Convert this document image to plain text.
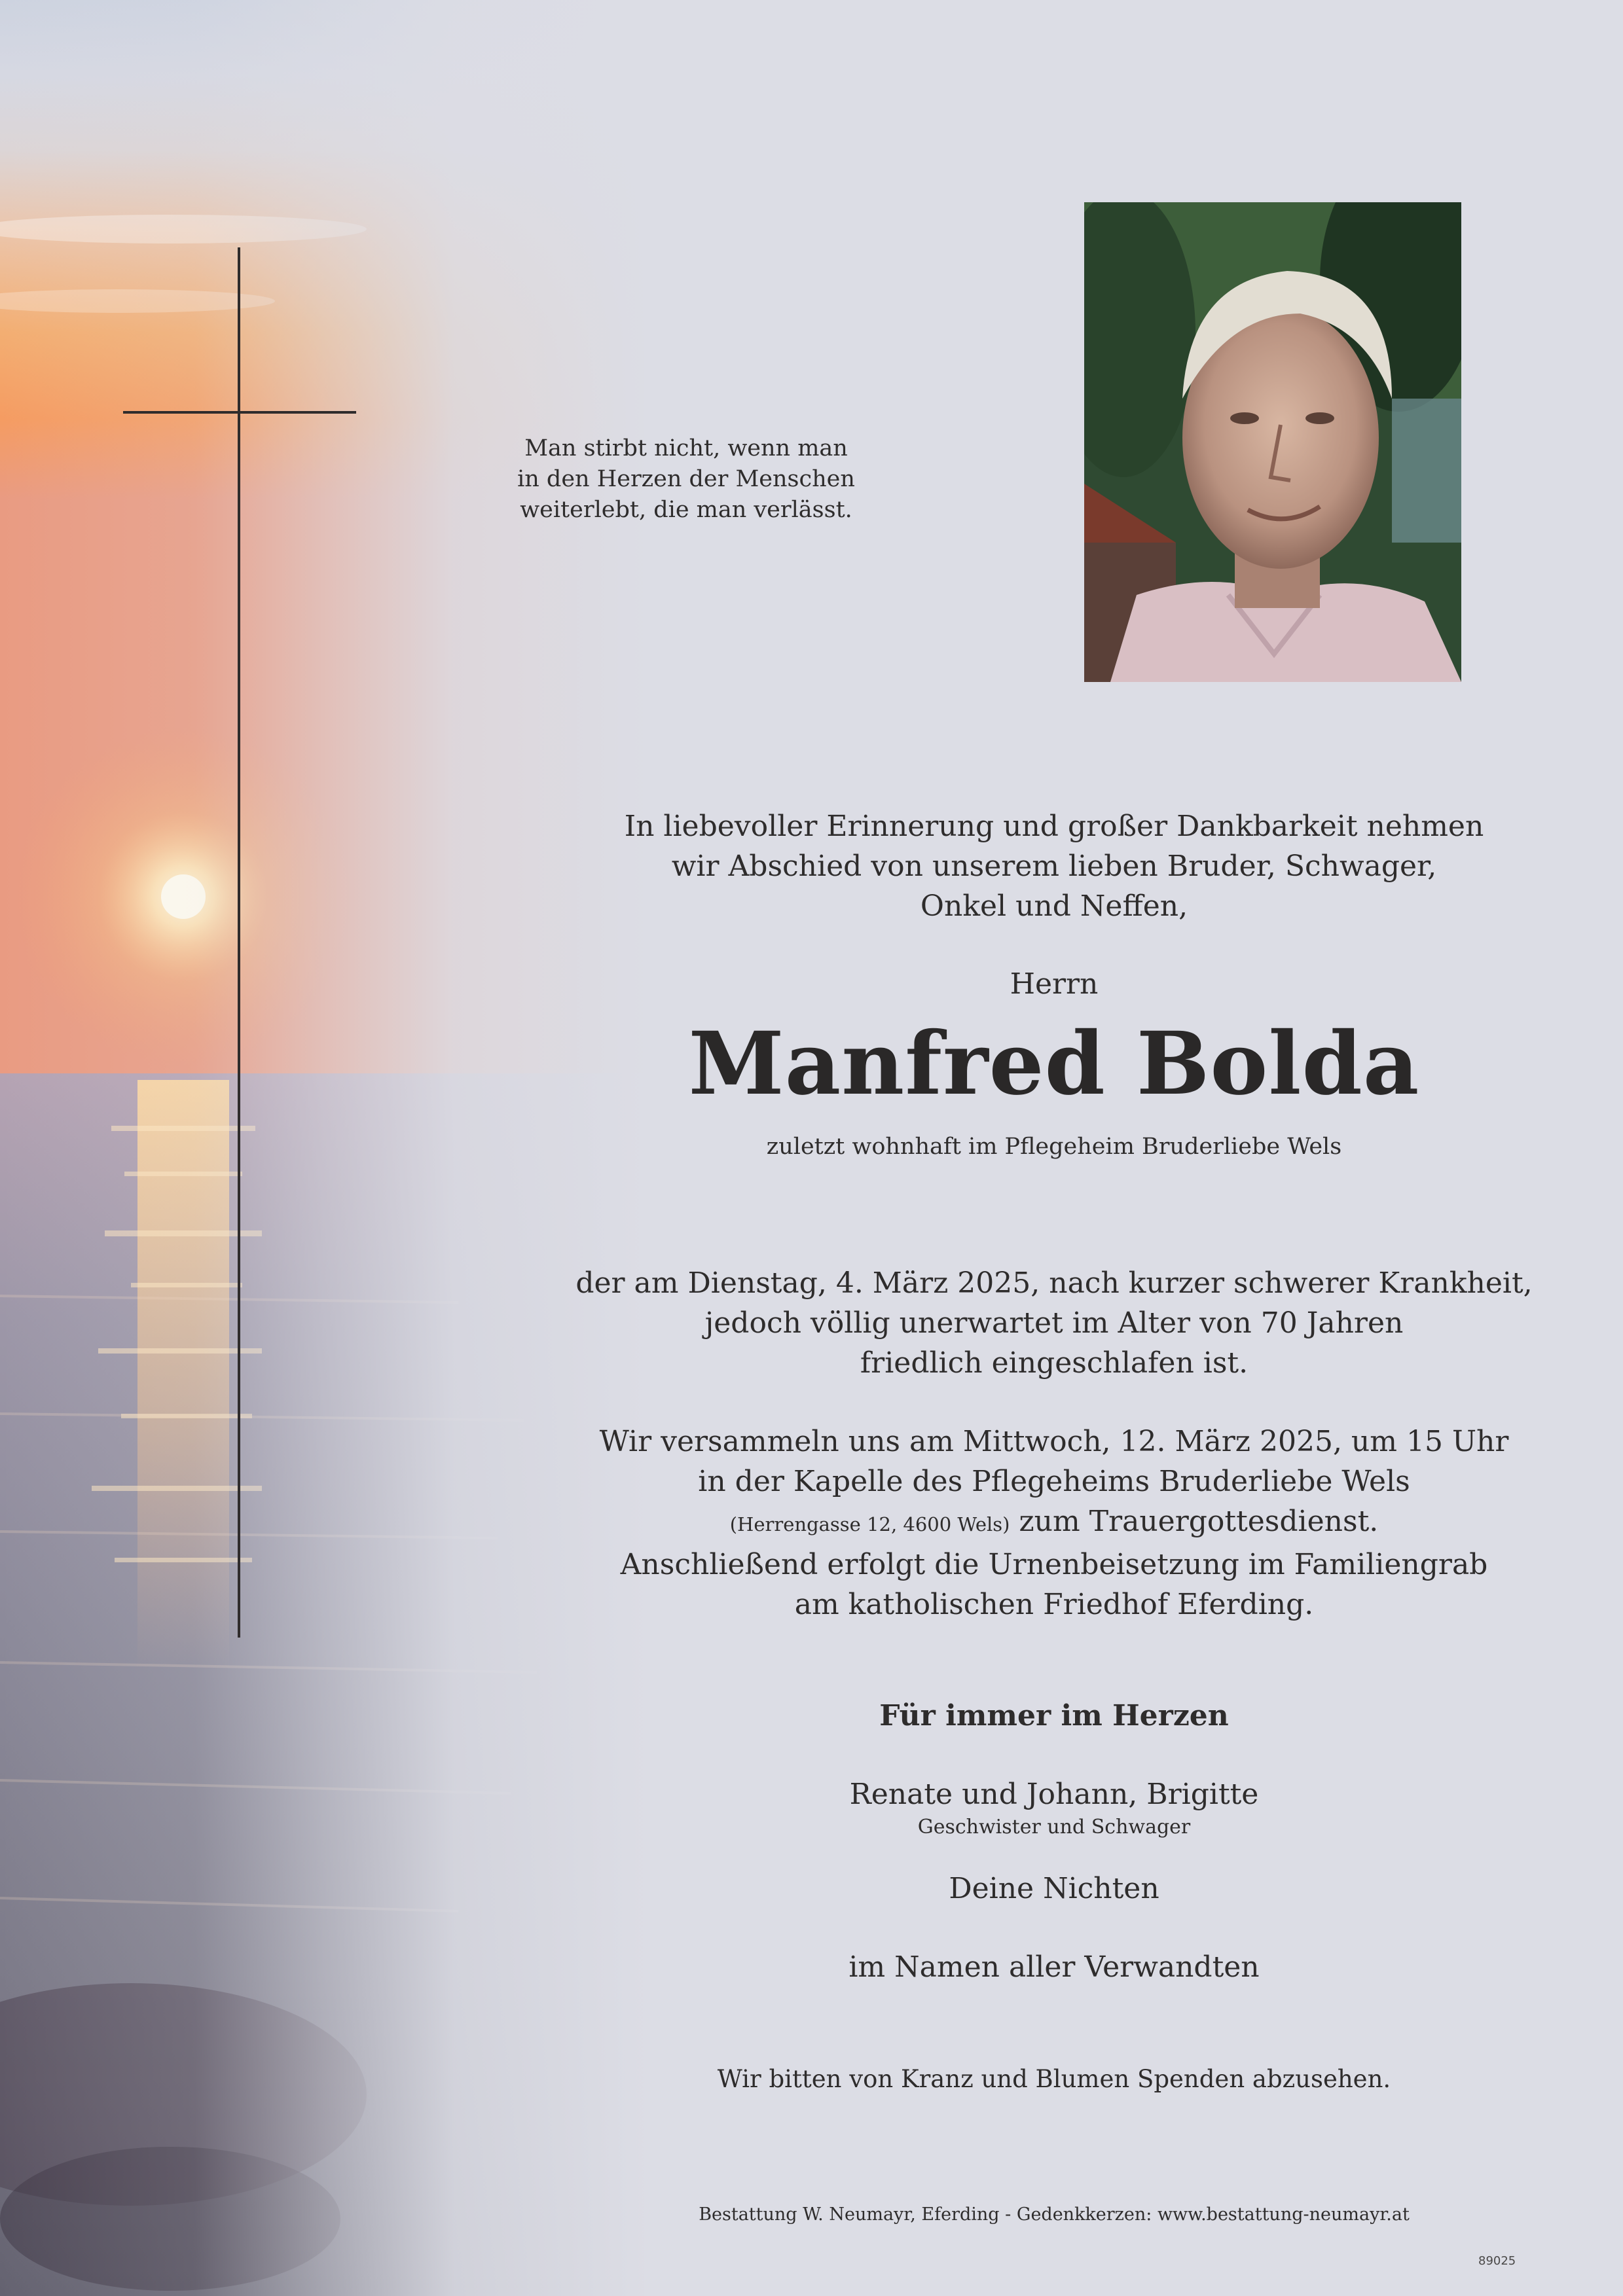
Man stirbt nicht, wenn man
in den Herzen der Menschen
weiterlebt, die man verlässt.
In liebevoller Erinnerung und großer Dankbarkeit nehmen
wir Abschied von unserem lieben Bruder, Schwager,
Onkel und Neffen,
Herrn
Manfred Bolda
zuletzt wohnhaft im Pflegeheim Bruderliebe Wels
der am Dienstag, 4. März 2025, nach kurzer schwerer Krankheit,
jedoch völlig unerwartet im Alter von 70 Jahren
friedlich eingeschlafen ist.
Wir versammeln uns am Mittwoch, 12. März 2025, um 15 Uhr
in der Kapelle des Pflegeheims Bruderliebe Wels
(Herrengasse 12, 4600 Wels) zum Trauergottesdienst.
Anschließend erfolgt die Urnenbeisetzung im Familiengrab
am katholischen Friedhof Eferding.
Für immer im Herzen
Renate und Johann, Brigitte
Geschwister und Schwager
Deine Nichten
im Namen aller Verwandten
Wir bitten von Kranz und Blumen Spenden abzusehen.
Bestattung W. Neumayr, Eferding - Gedenkkerzen: www.bestattung-neumayr.at
89025
